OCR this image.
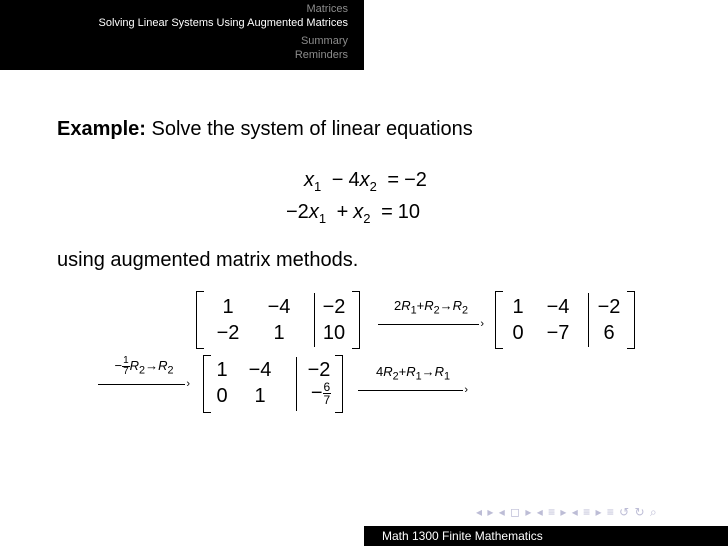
Matrices
Solving Linear Systems Using Augmented Matrices
Summary
Reminders
Example: Solve the system of linear equations
$x_1 - 4x_2 = -2$
$-2x_1 + x_2 = 10$
using augmented matrix methods.
1	−4	−2
−2	1	10
$2R_1+R_2\to R_2$
›
1	−4	−2
0	−7	6
− $\frac{1}{7} R_2\to R_2$
›
1	−4	−2
0	1	− $\frac{6}{7}$
$4R_2+R_1\to R_1$
›
◂ ▸ ◂ ◻ ▸ ◂ ≡ ▸ ◂ ≡ ▸ ≡ ↺ ↻ ⌕
Math 1300 Finite Mathematics
